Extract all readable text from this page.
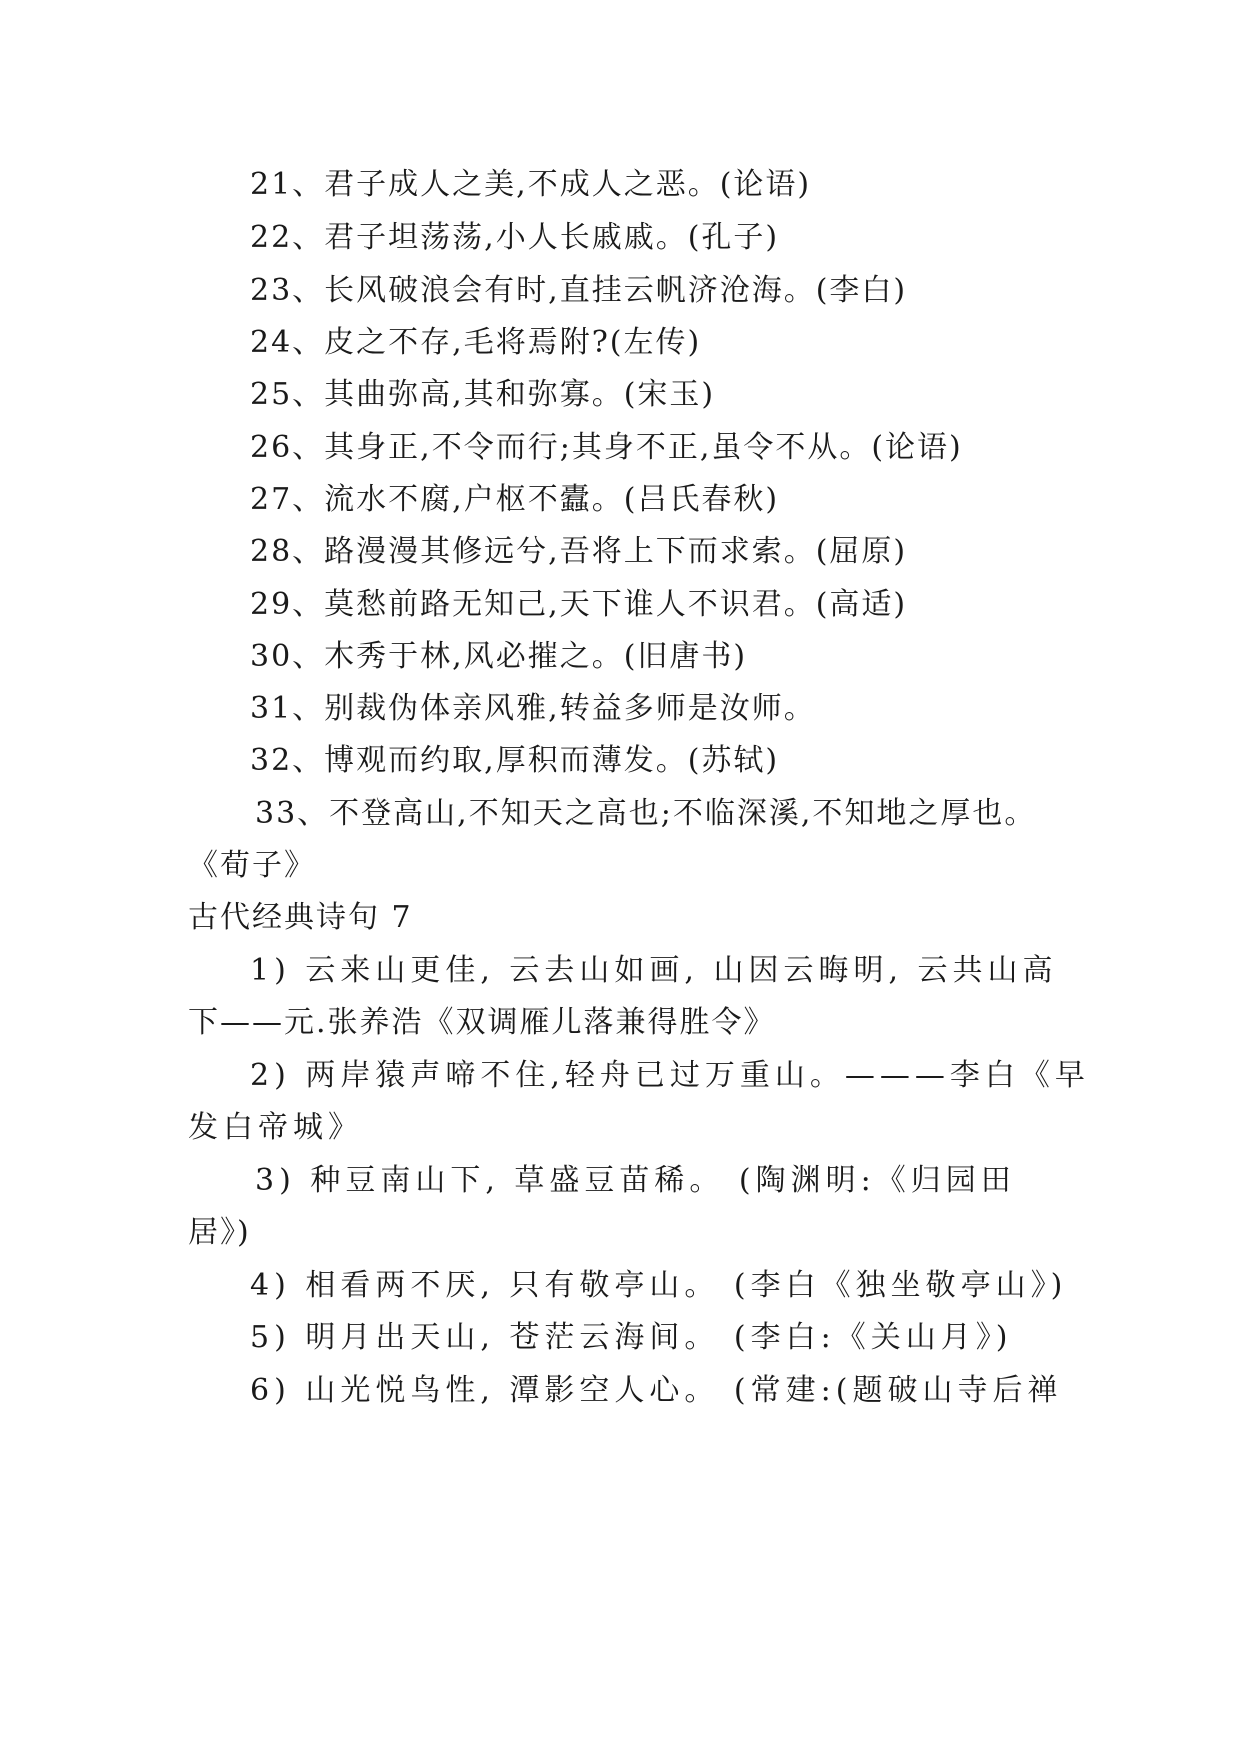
21、君子成人之美,不成人之恶。(论语)
22、君子坦荡荡,小人长戚戚。(孔子)
23、长风破浪会有时,直挂云帆济沧海。(李白)
24、皮之不存,毛将焉附?(左传)
25、其曲弥高,其和弥寡。(宋玉)
26、其身正,不令而行;其身不正,虽令不从。(论语)
27、流水不腐,户枢不蠹。(吕氏春秋)
28、路漫漫其修远兮,吾将上下而求索。(屈原)
29、莫愁前路无知己,天下谁人不识君。(高适)
30、木秀于林,风必摧之。(旧唐书)
31、别裁伪体亲风雅,转益多师是汝师。
32、博观而约取,厚积而薄发。(苏轼)
33、不登高山,不知天之高也;不临深溪,不知地之厚也。
《荀子》
古代经典诗句 7
1) 云来山更佳, 云去山如画, 山因云晦明, 云共山高
下——元.张养浩《双调雁儿落兼得胜令》
2) 两岸猿声啼不住,轻舟已过万重山。———李白《早
发白帝城》
3) 种豆南山下, 草盛豆苗稀。 (陶渊明:《归园田
居》)
4) 相看两不厌, 只有敬亭山。 (李白《独坐敬亭山》)
5) 明月出天山, 苍茫云海间。 (李白:《关山月》)
6) 山光悦鸟性, 潭影空人心。 (常建:(题破山寺后禅
